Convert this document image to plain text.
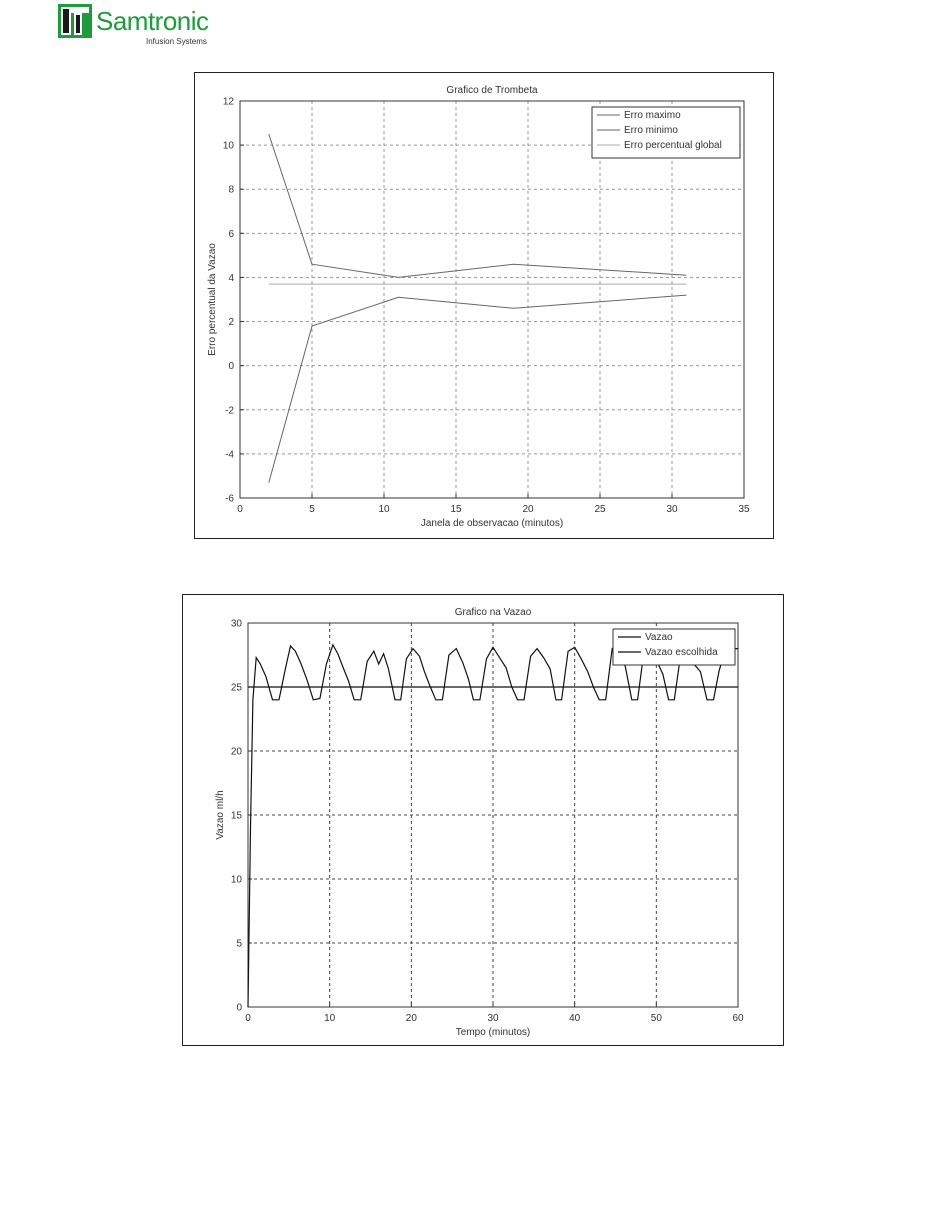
Samtronic
Infusion Systems
0	5	10	15	20	25	30	35
-6
-4
-2
0
2
4
6
8
10
12
Grafico de Trombeta
Janela de observacao (minutos)
Erro percentual da Vazao
Erro maximo
Erro minimo
Erro percentual global
0	10	20	30	40	50	60
0
5
10
15
20
25
30
Grafico na Vazao
Tempo (minutos)
Vazao ml/h
Vazao
Vazao escolhida
